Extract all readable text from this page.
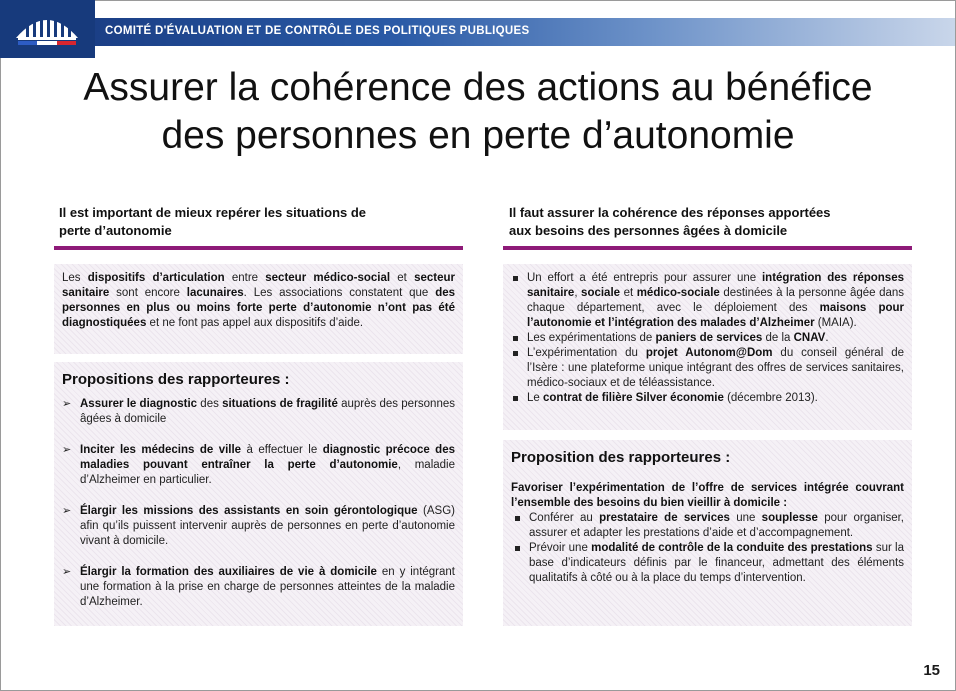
COMITÉ D'ÉVALUATION ET DE CONTRÔLE DES POLITIQUES PUBLIQUES
Assurer la cohérence des actions au bénéfice
des personnes en perte d’autonomie
Il est important de mieux repérer les situations de
perte d’autonomie

Les dispositifs d’articulation entre secteur médico-social et secteur sanitaire sont encore lacunaires. Les associations constatent que des personnes en plus ou moins forte perte d’autonomie n’ont pas été diagnostiquées et ne font pas appel aux dispositifs d’aide.

Propositions des rapporteures :
➢ Assurer le diagnostic des situations de fragilité auprès des personnes âgées à domicile
➢ Inciter les médecins de ville à effectuer le diagnostic précoce des maladies pouvant entraîner la perte d’autonomie, maladie d’Alzheimer en particulier.
➢ Élargir les missions des assistants en soin gérontologique (ASG) afin qu’ils puissent intervenir auprès de personnes en perte d’autonomie vivant à domicile.
➢ Élargir la formation des auxiliaires de vie à domicile en y intégrant une formation à la prise en charge de personnes atteintes de la maladie d’Alzheimer.
Il faut assurer la cohérence des réponses apportées
aux besoins des personnes âgées à domicile
Un effort a été entrepris pour assurer une intégration des réponses sanitaire, sociale et médico-sociale destinées à la personne âgée dans chaque département, avec le déploiement des maisons pour l’autonomie et l’intégration des malades d’Alzheimer (MAIA).
Les expérimentations de paniers de services de la CNAV.
L’expérimentation du projet Autonom@Dom du conseil général de l’Isère : une plateforme unique intégrant des offres de services sanitaires, médico-sociaux et de téléassistance.
Le contrat de filière Silver économie (décembre 2013).
Proposition des rapporteures :

Favoriser l’expérimentation de l’offre de services intégrée couvrant l’ensemble des besoins du bien vieillir à domicile :

Conférer au prestataire de services une souplesse pour organiser, assurer et adapter les prestations d’aide et d’accompagnement.
Prévoir une modalité de contrôle de la conduite des prestations sur la base d’indicateurs définis par le financeur, admettant des éléments qualitatifs à côté ou à la place du temps d’intervention.
15
